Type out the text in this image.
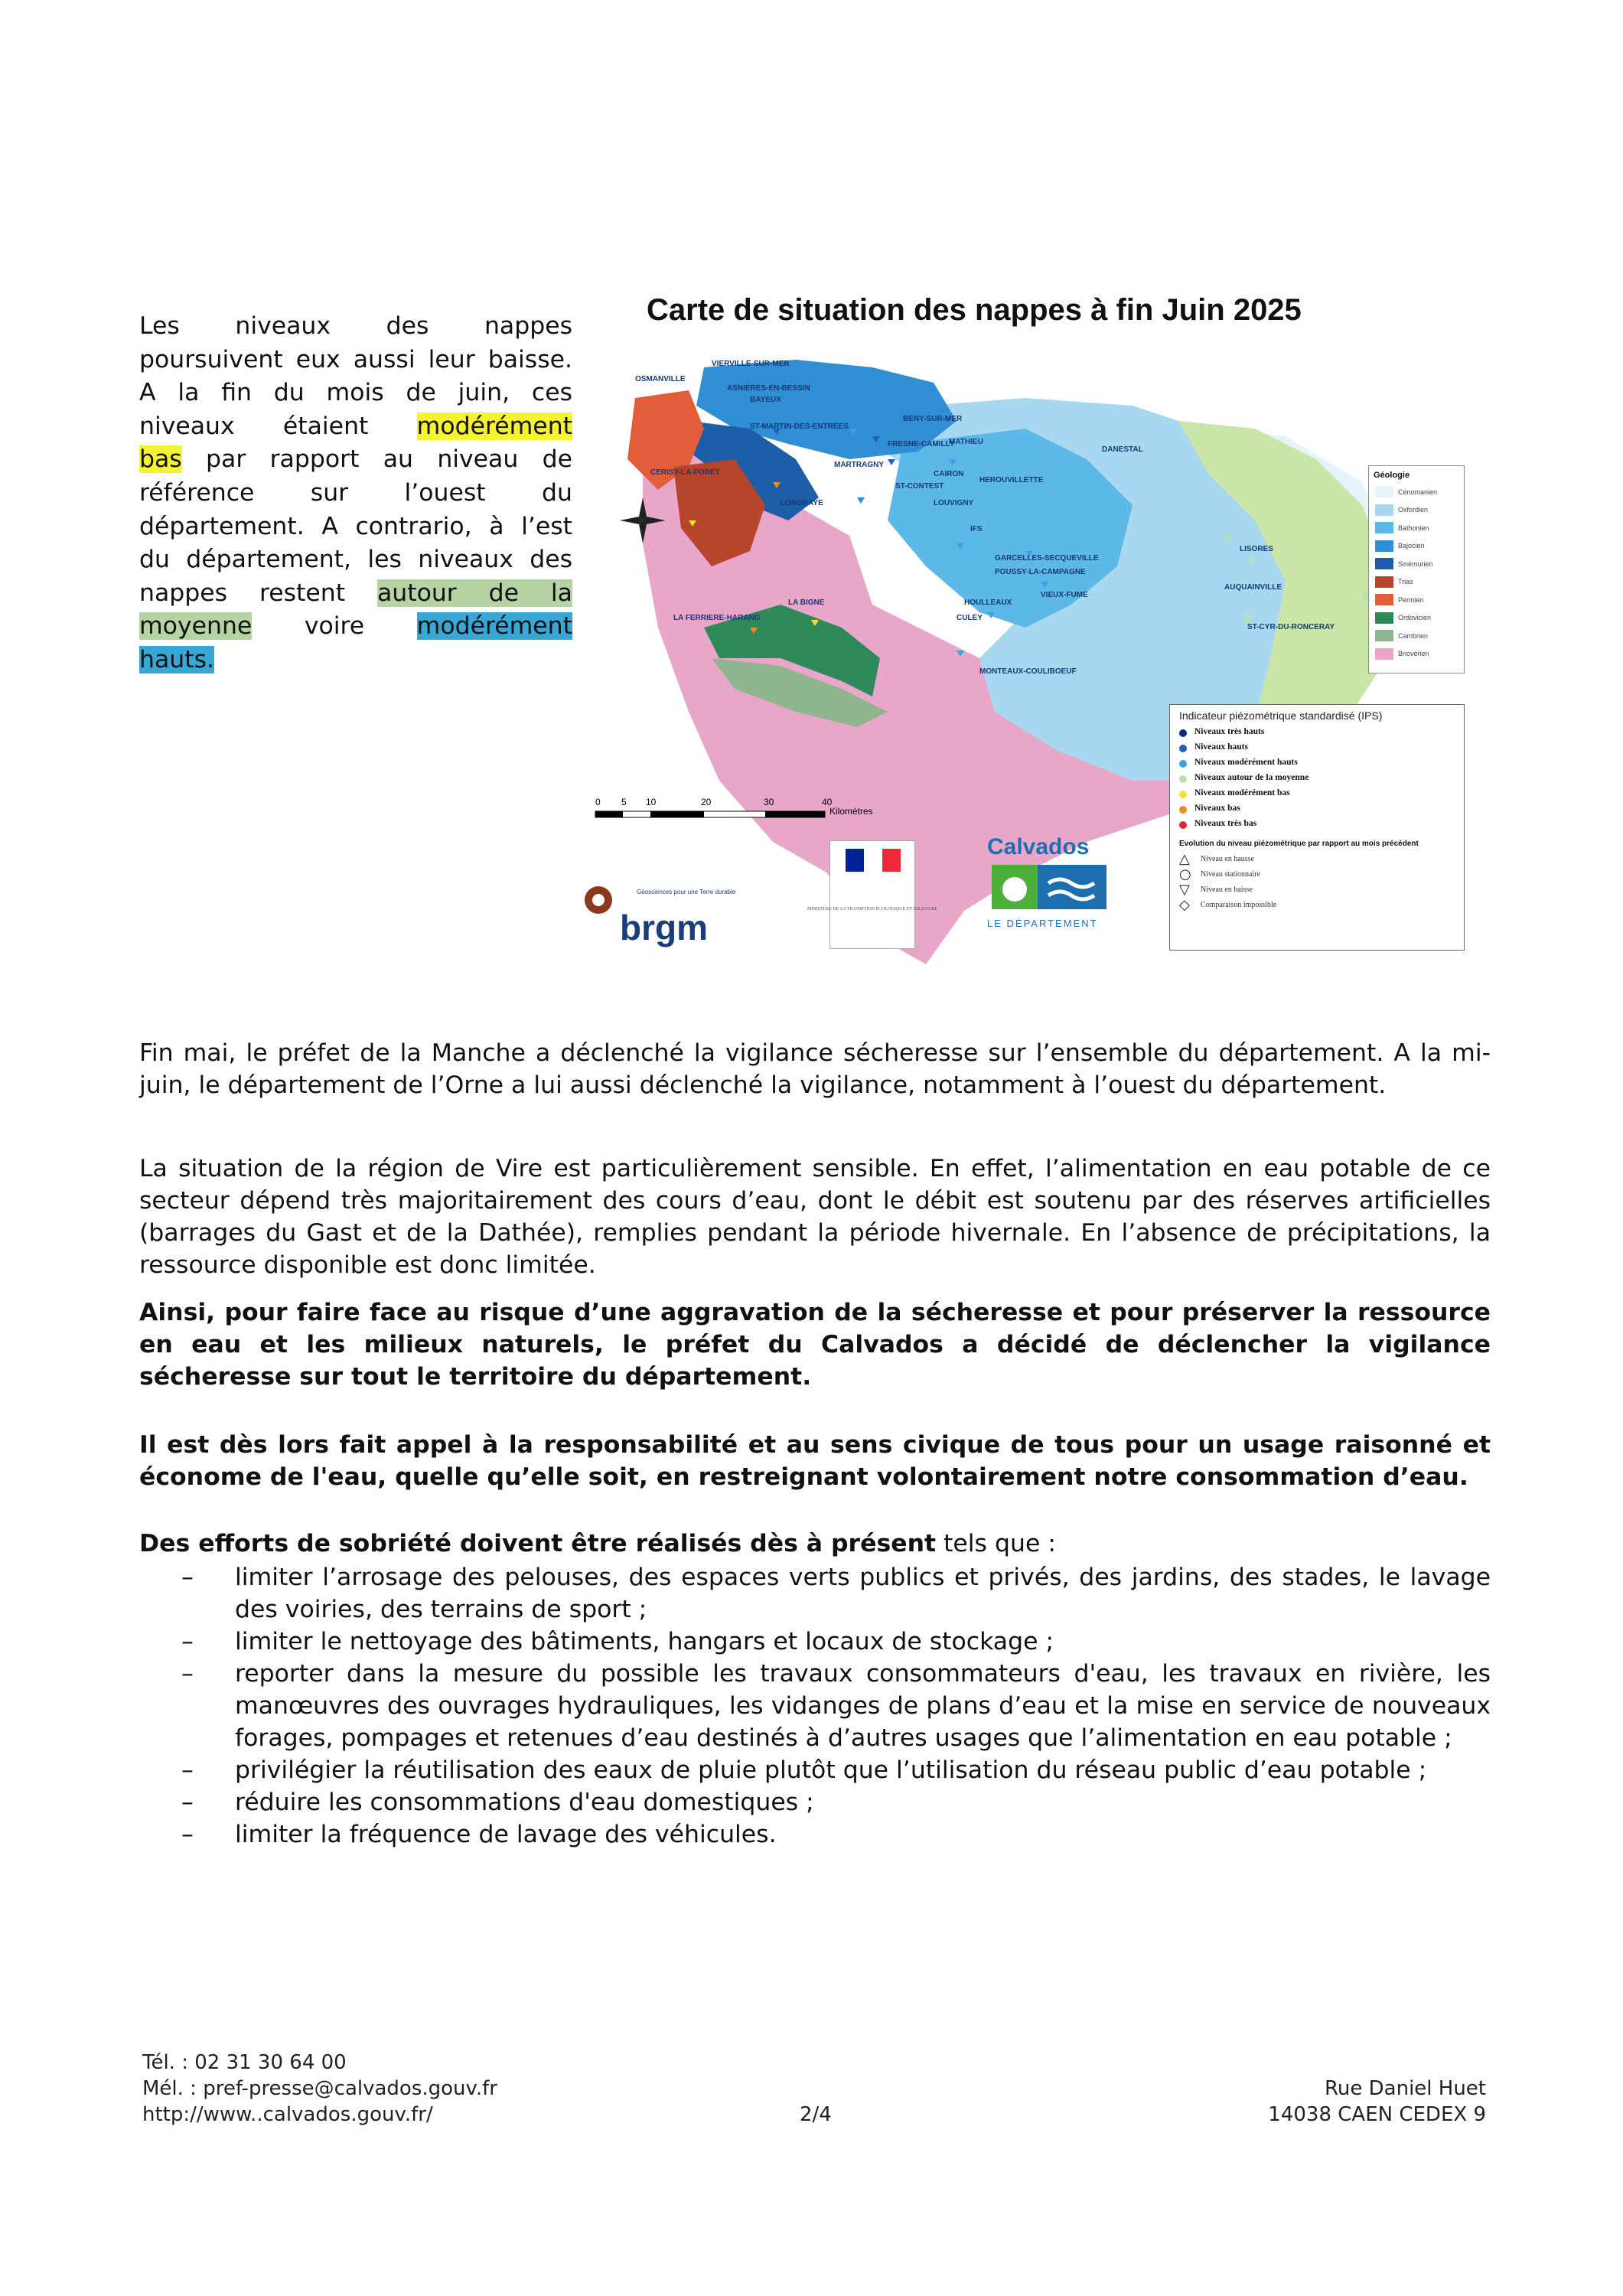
Les niveaux des nappes
poursuivent eux aussi leur baisse.
A la fin du mois de juin, ces
niveaux étaient modérément
bas par rapport au niveau de
référence sur l’ouest du
département. A contrario, à l’est
du département, les niveaux des
nappes restent autour de la
moyenne voire modérément
hauts.
Carte de situation des nappes à fin Juin 2025
VIERVILLE-SUR-MER
OSMANVILLE
ASNIERES-EN-BESSIN
BAYEUX
ST-MARTIN-DES-ENTREES
BENY-SUR-MER
FRESNE-CAMILLY
MATHIEU
DANESTAL
CAIRON
HEROUVILLETTE
ST-CONTEST
MARTRAGNY
LOUVIGNY
LONGRAYE
CERISY-LA-FORET
IFS
GARCELLES-SECQUEVILLE
POUSSY-LA-CAMPAGNE
VIEUX-FUME
LISORES
AUQUAINVILLE
ST-CYR-DU-RONCERAY
LA BIGNE
LA FERRIERE-HARANG	CULEY
HOULLEAUX
MONTEAUX-COULIBOEUF
Géologie
Cénomanien
Oxfordien
Bathonien
Bajocien
Sinémurien
Trias
Permien
Ordovicien
Cambrien
Briovérien
Indicateur piézométrique standardisé (IPS)
Niveaux très hauts
Niveaux hauts
Niveaux modérément hauts
Niveaux autour de la moyenne
Niveaux modérément bas
Niveaux bas
Niveaux très bas
Evolution du niveau piézométrique par rapport au mois précédent
△	Niveau en hausse
○	Niveau stationnaire
▽	Niveau en baisse
◇	Comparaison impossible
0 5 10	20	30	40
Kilomètres
brgm
Géosciences pour une Terre durable
MINISTÈRE DE LA TRANSITION ÉCOLOGIQUE ET SOLIDAIRE
Calvados
LE DÉPARTEMENT
Fin mai, le préfet de la Manche a déclenché la vigilance sécheresse sur l’ensemble du département. A la mi-juin, le département de l’Orne a lui aussi déclenché la vigilance, notamment à l’ouest du département.
La situation de la région de Vire est particulièrement sensible. En effet, l’alimentation en eau potable de ce secteur dépend très majoritairement des cours d’eau, dont le débit est soutenu par des réserves artificielles (barrages du Gast et de la Dathée), remplies pendant la période hivernale. En l’absence de précipitations, la ressource disponible est donc limitée.
Ainsi, pour faire face au risque d’une aggravation de la sécheresse et pour préserver la ressource en eau et les milieux naturels, le préfet du Calvados a décidé de déclencher la vigilance sécheresse sur tout le territoire du département.
Il est dès lors fait appel à la responsabilité et au sens civique de tous pour un usage raisonné et économe de l'eau, quelle qu’elle soit, en restreignant volontairement notre consommation d’eau.
Des efforts de sobriété doivent être réalisés dès à présent tels que :
–	limiter l’arrosage des pelouses, des espaces verts publics et privés, des jardins, des stades, le lavage des voiries, des terrains de sport ;
–	limiter le nettoyage des bâtiments, hangars et locaux de stockage ;
–	reporter dans la mesure du possible les travaux consommateurs d'eau, les travaux en rivière, les manœuvres des ouvrages hydrauliques, les vidanges de plans d’eau et la mise en service de nouveaux forages, pompages et retenues d’eau destinés à d’autres usages que l’alimentation en eau potable ;
–	privilégier la réutilisation des eaux de pluie plutôt que l’utilisation du réseau public d’eau potable ;
–	réduire les consommations d'eau domestiques ;
–	limiter la fréquence de lavage des véhicules.
Tél. : 02 31 30 64 00
Mél. : pref-presse@calvados.gouv.fr
http://www..calvados.gouv.fr/	2/4
Rue Daniel Huet
14038 CAEN CEDEX 9
